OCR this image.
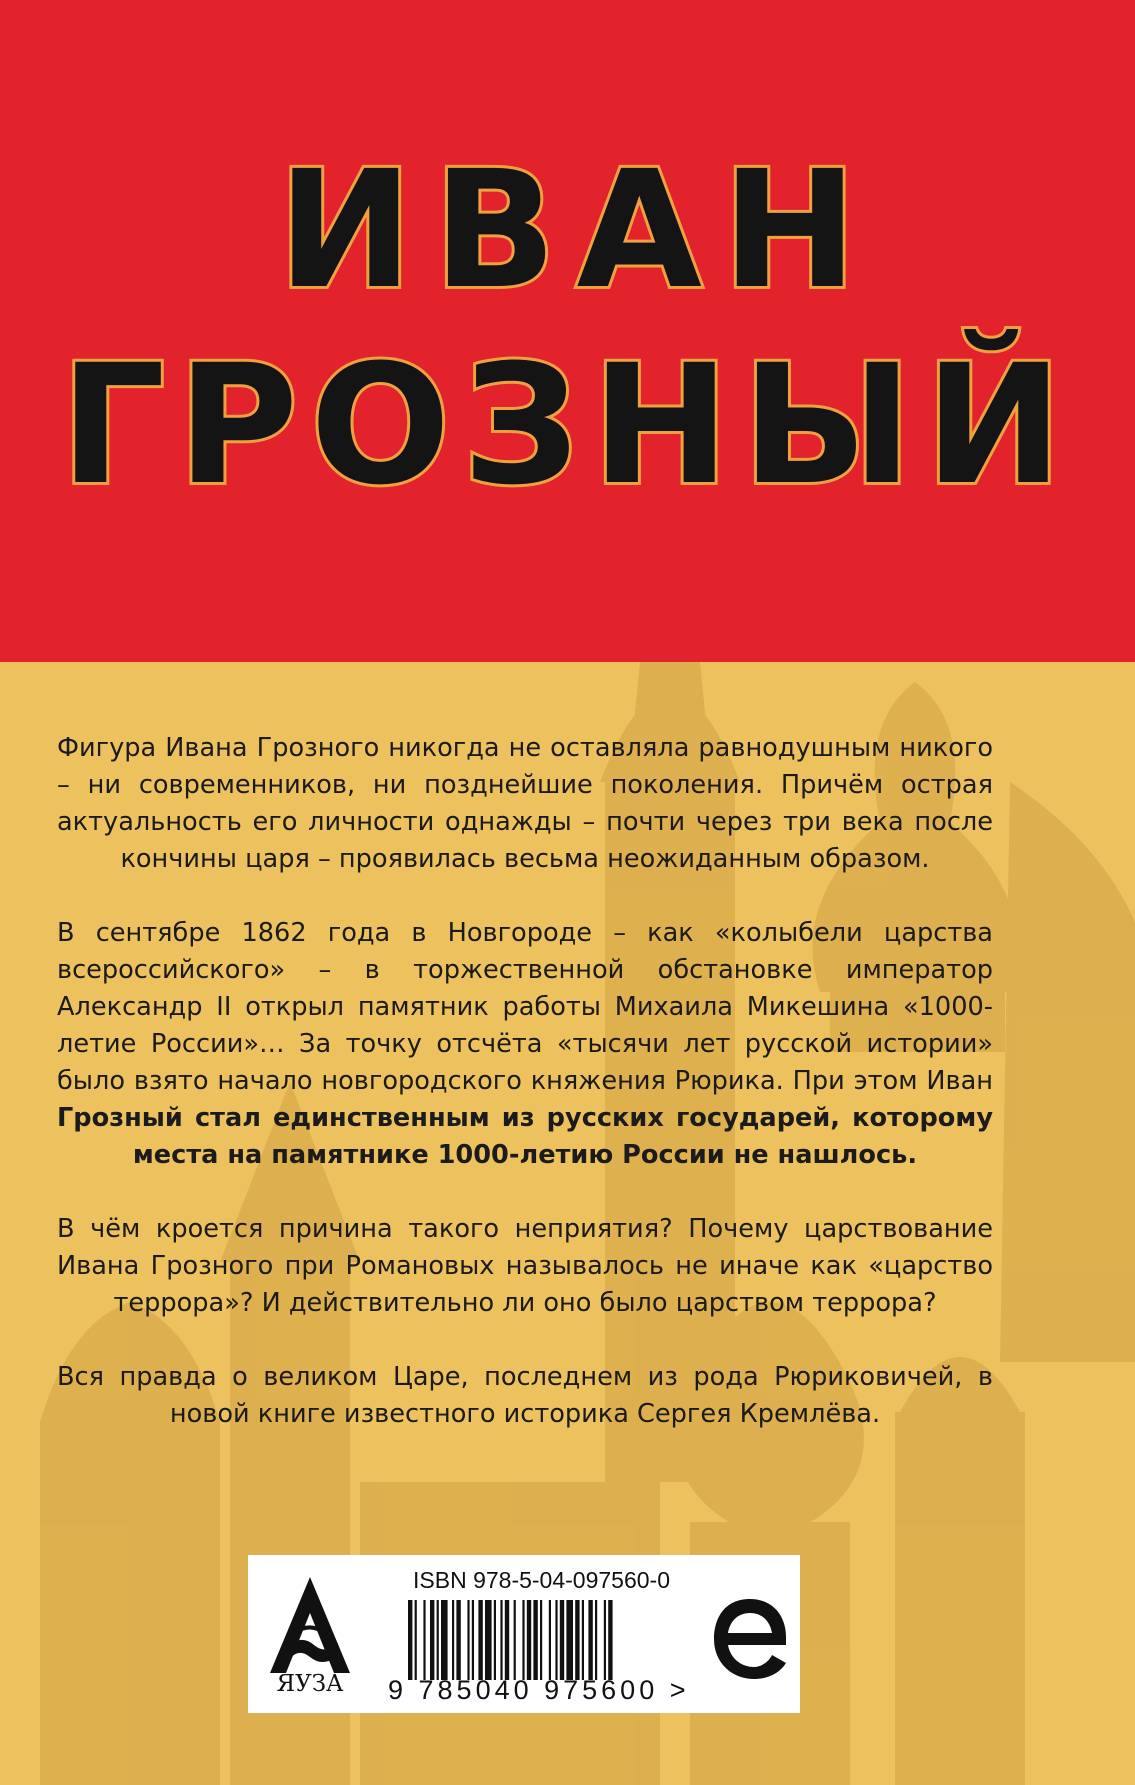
ИВАН
ГРОЗНЫЙ

Фигура Ивана Грозного никогда не оставляла равнодушным никого – ни современников, ни позднейшие поколения. Причём острая актуальность его личности однажды – почти через три века после кончины царя – проявилась весьма неожиданным образом.

В сентябре 1862 года в Новгороде – как «колыбели царства всероссийского» – в торжественной обстановке император Александр II открыл памятник работы Михаила Микешина «1000-летие России»… За точку отсчёта «тысячи лет русской истории» было взято начало новгородского княжения Рюрика. При этом Иван Грозный стал единственным из русских государей, которому места на памятнике 1000-летию России не нашлось.

В чём кроется причина такого неприятия? Почему царствование Ивана Грозного при Романовых называлось не иначе как «царство террора»? И действительно ли оно было царством террора?

Вся правда о великом Царе, последнем из рода Рюриковичей, в новой книге известного историка Сергея Кремлёва.

ЯУЗА
ISBN 978-5-04-097560-0
9 785040 975600 >
